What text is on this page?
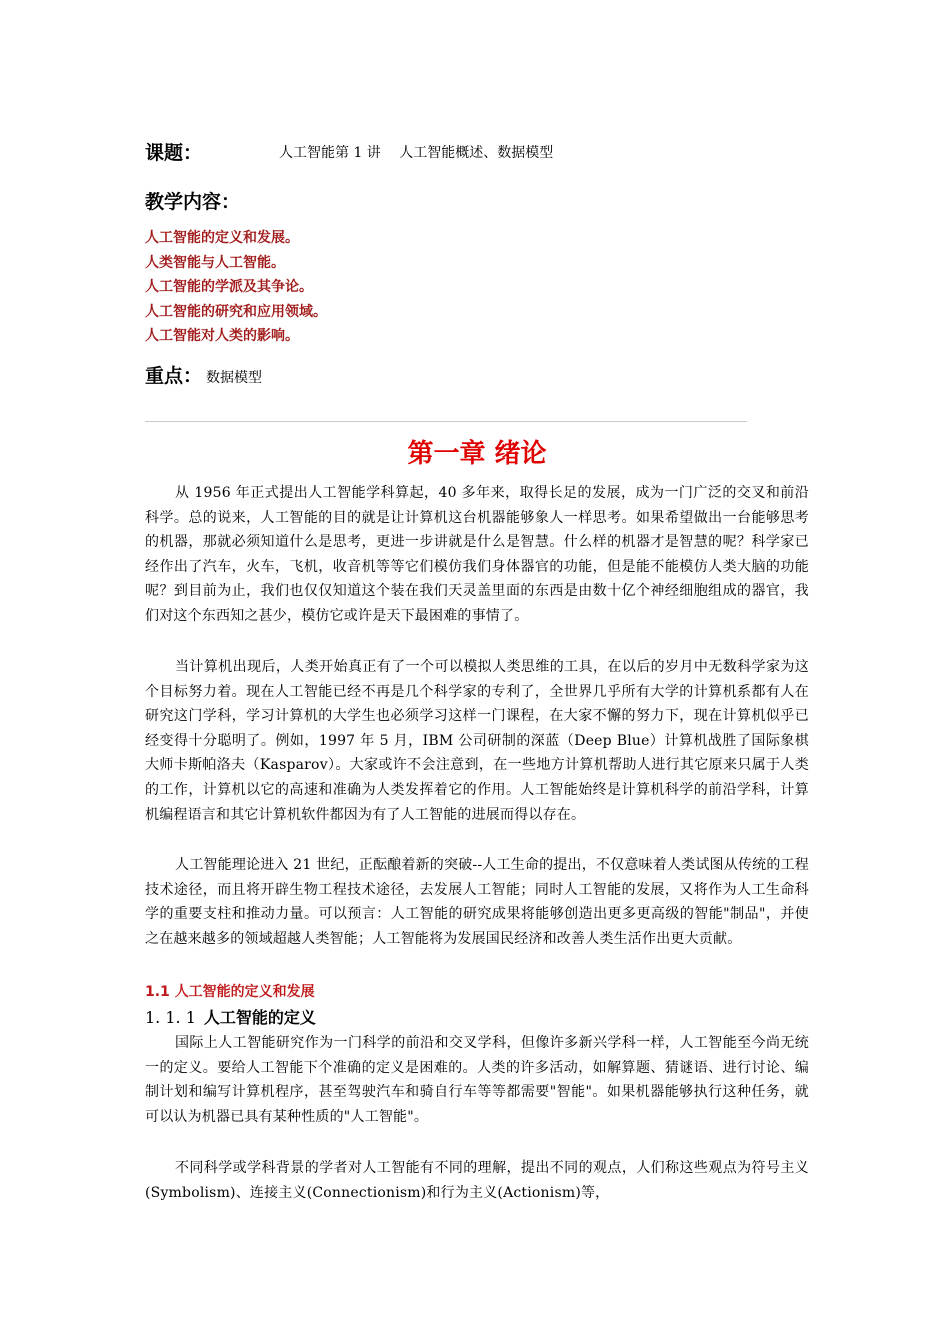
课题：	人工智能第 1 讲　 人工智能概述、数据模型
教学内容：
人工智能的定义和发展。
人类智能与人工智能。
人工智能的学派及其争论。
人工智能的研究和应用领域。
人工智能对人类的影响。
重点： 数据模型
第一章 绪论

从 1956 年正式提出人工智能学科算起，40 多年来，取得长足的发展，成为一门广泛的交叉和前沿科学。总的说来，人工智能的目的就是让计算机这台机器能够象人一样思考。如果希望做出一台能够思考的机器，那就必须知道什么是思考，更进一步讲就是什么是智慧。什么样的机器才是智慧的呢？科学家已经作出了汽车，火车，飞机，收音机等等它们模仿我们身体器官的功能，但是能不能模仿人类大脑的功能呢？到目前为止，我们也仅仅知道这个装在我们天灵盖里面的东西是由数十亿个神经细胞组成的器官，我们对这个东西知之甚少，模仿它或许是天下最困难的事情了。

当计算机出现后，人类开始真正有了一个可以模拟人类思维的工具，在以后的岁月中无数科学家为这个目标努力着。现在人工智能已经不再是几个科学家的专利了，全世界几乎所有大学的计算机系都有人在研究这门学科，学习计算机的大学生也必须学习这样一门课程，在大家不懈的努力下，现在计算机似乎已经变得十分聪明了。例如，1997 年 5 月，IBM 公司研制的深蓝（Deep Blue）计算机战胜了国际象棋大师卡斯帕洛夫（Kasparov）。大家或许不会注意到，在一些地方计算机帮助人进行其它原来只属于人类的工作，计算机以它的高速和准确为人类发挥着它的作用。人工智能始终是计算机科学的前沿学科，计算机编程语言和其它计算机软件都因为有了人工智能的进展而得以存在。

人工智能理论进入 21 世纪，正酝酿着新的突破--人工生命的提出，不仅意味着人类试图从传统的工程技术途径，而且将开辟生物工程技术途径，去发展人工智能；同时人工智能的发展，又将作为人工生命科学的重要支柱和推动力量。可以预言：人工智能的研究成果将能够创造出更多更高级的智能"制品"，并使之在越来越多的领域超越人类智能；人工智能将为发展国民经济和改善人类生活作出更大贡献。

1.1 人工智能的定义和发展
1. 1. 1 人工智能的定义

国际上人工智能研究作为一门科学的前沿和交叉学科，但像许多新兴学科一样，人工智能至今尚无统一的定义。要给人工智能下个准确的定义是困难的。人类的许多活动，如解算题、猜谜语、进行讨论、编制计划和编写计算机程序，甚至驾驶汽车和骑自行车等等都需要"智能"。如果机器能够执行这种任务，就可以认为机器已具有某种性质的"人工智能"。

不同科学或学科背景的学者对人工智能有不同的理解，提出不同的观点，人们称这些观点为符号主义(Symbolism)、连接主义(Connectionism)和行为主义(Actionism)等，
